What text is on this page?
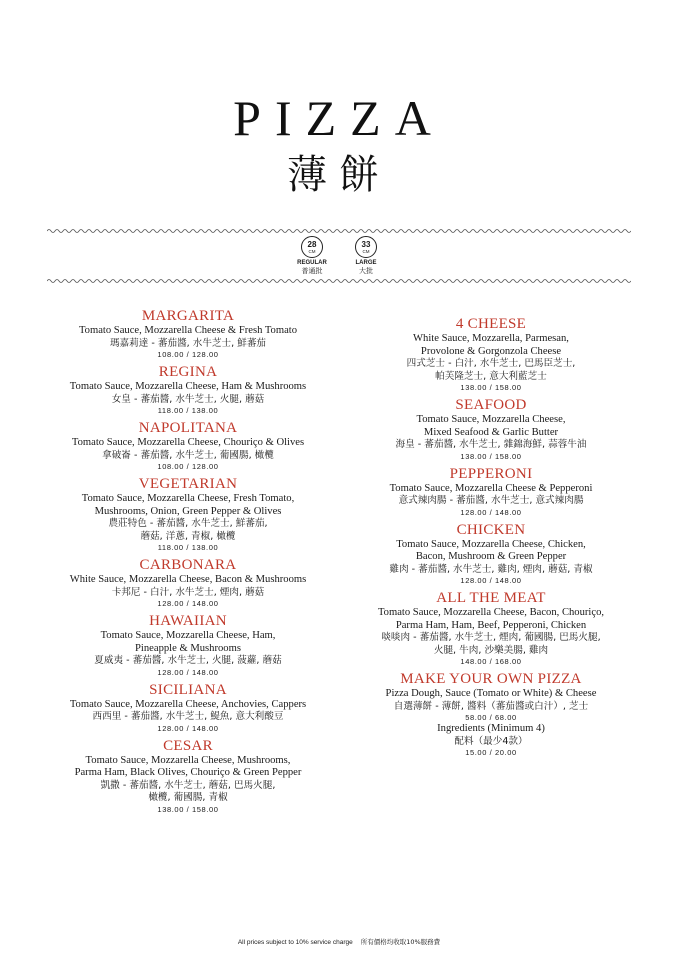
PIZZA
薄餅
28
CM
REGULAR
普通批
33
CM
LARGE
大批
MARGARITA
Tomato Sauce, Mozzarella Cheese & Fresh Tomato
瑪嘉莉達 - 蕃茄醬, 水牛芝士, 鮮蕃茄
108.00 / 128.00
REGINA
Tomato Sauce, Mozzarella Cheese, Ham & Mushrooms
女皇 - 蕃茄醬, 水牛芝士, 火腿, 蘑菇
118.00 / 138.00
NAPOLITANA
Tomato Sauce, Mozzarella Cheese, Chouriço & Olives
拿破崙 - 蕃茄醬, 水牛芝士, 葡國腸, 橄欖
108.00 / 128.00
VEGETARIAN
Tomato Sauce, Mozzarella Cheese, Fresh Tomato,
Mushrooms, Onion, Green Pepper & Olives
農莊特色 - 蕃茄醬, 水牛芝士, 鮮蕃茄,
蘑菇, 洋蔥, 青椒, 橄欖
118.00 / 138.00
CARBONARA
White Sauce, Mozzarella Cheese, Bacon & Mushrooms
卡邦尼 - 白汁, 水牛芝士, 煙肉, 蘑菇
128.00 / 148.00
HAWAIIAN
Tomato Sauce, Mozzarella Cheese, Ham,
Pineapple & Mushrooms
夏威夷 - 蕃茄醬, 水牛芝士, 火腿, 菠蘿, 蘑菇
128.00 / 148.00
SICILIANA
Tomato Sauce, Mozzarella Cheese, Anchovies, Cappers
西西里 - 蕃茄醬, 水牛芝士, 鯷魚, 意大利酸豆
128.00 / 148.00
CESAR
Tomato Sauce, Mozzarella Cheese, Mushrooms,
Parma Ham, Black Olives, Chouriço & Green Pepper
凱撒 - 蕃茄醬, 水牛芝士, 蘑菇, 巴馬火腿,
橄欖, 葡國腸, 青椒
138.00 / 158.00
4 CHEESE
White Sauce, Mozzarella, Parmesan,
Provolone & Gorgonzola Cheese
四式芝士 - 白汁, 水牛芝士, 巴馬臣芝士,
帕芙隆芝士, 意大利藍芝士
138.00 / 158.00
SEAFOOD
Tomato Sauce, Mozzarella Cheese,
Mixed Seafood & Garlic Butter
海皇 - 蕃茄醬, 水牛芝士, 雜錦海鮮, 蒜蓉牛油
138.00 / 158.00
PEPPERONI
Tomato Sauce, Mozzarella Cheese & Pepperoni
意式辣肉腸 - 蕃茄醬, 水牛芝士, 意式辣肉腸
128.00 / 148.00
CHICKEN
Tomato Sauce, Mozzarella Cheese, Chicken,
Bacon, Mushroom & Green Pepper
雞肉 - 蕃茄醬, 水牛芝士, 雞肉, 煙肉, 蘑菇, 青椒
128.00 / 148.00
ALL THE MEAT
Tomato Sauce, Mozzarella Cheese, Bacon, Chouriço,
Parma Ham, Ham, Beef, Pepperoni, Chicken
啖啖肉 - 蕃茄醬, 水牛芝士, 煙肉, 葡國腸, 巴馬火腿,
火腿, 牛肉, 沙樂美腸, 雞肉
148.00 / 168.00
MAKE YOUR OWN PIZZA
Pizza Dough, Sauce (Tomato or White) & Cheese
自選薄餅 - 薄餅, 醬料（蕃茄醬或白汁）, 芝士
58.00 / 68.00
Ingredients (Minimum 4)
配料（最少4款）
15.00 / 20.00
All prices subject to 10% service charge 所有價格均收取10%服務費
